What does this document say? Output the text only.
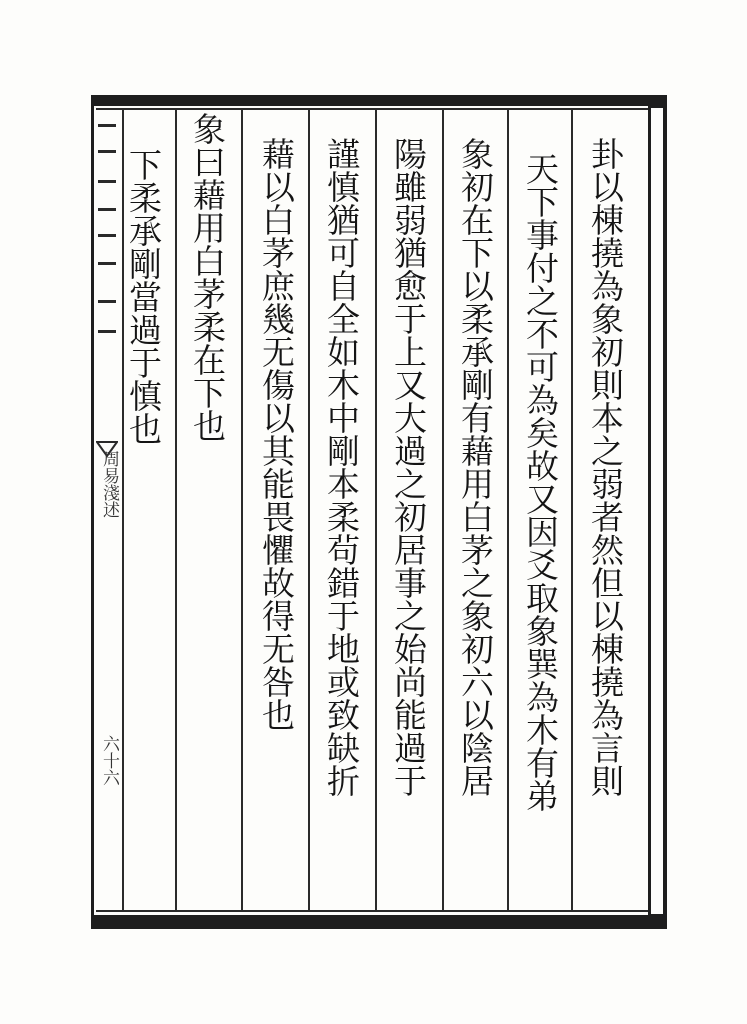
卦以棟撓為象初則本之弱者然但以棟撓為言則
天下事付之不可為矣故又因爻取象巽為木有弟
象初在下以柔承剛有藉用白茅之象初六以陰居
陽雖弱猶愈于上又大過之初居事之始尚能過于
謹慎猶可自全如木中剛本柔茍錯于地或致缺折
藉以白茅庶幾无傷以其能畏懼故得无咎也
象曰藉用白茅柔在下也
下柔承剛當過于慎也
周易淺述
六十六
